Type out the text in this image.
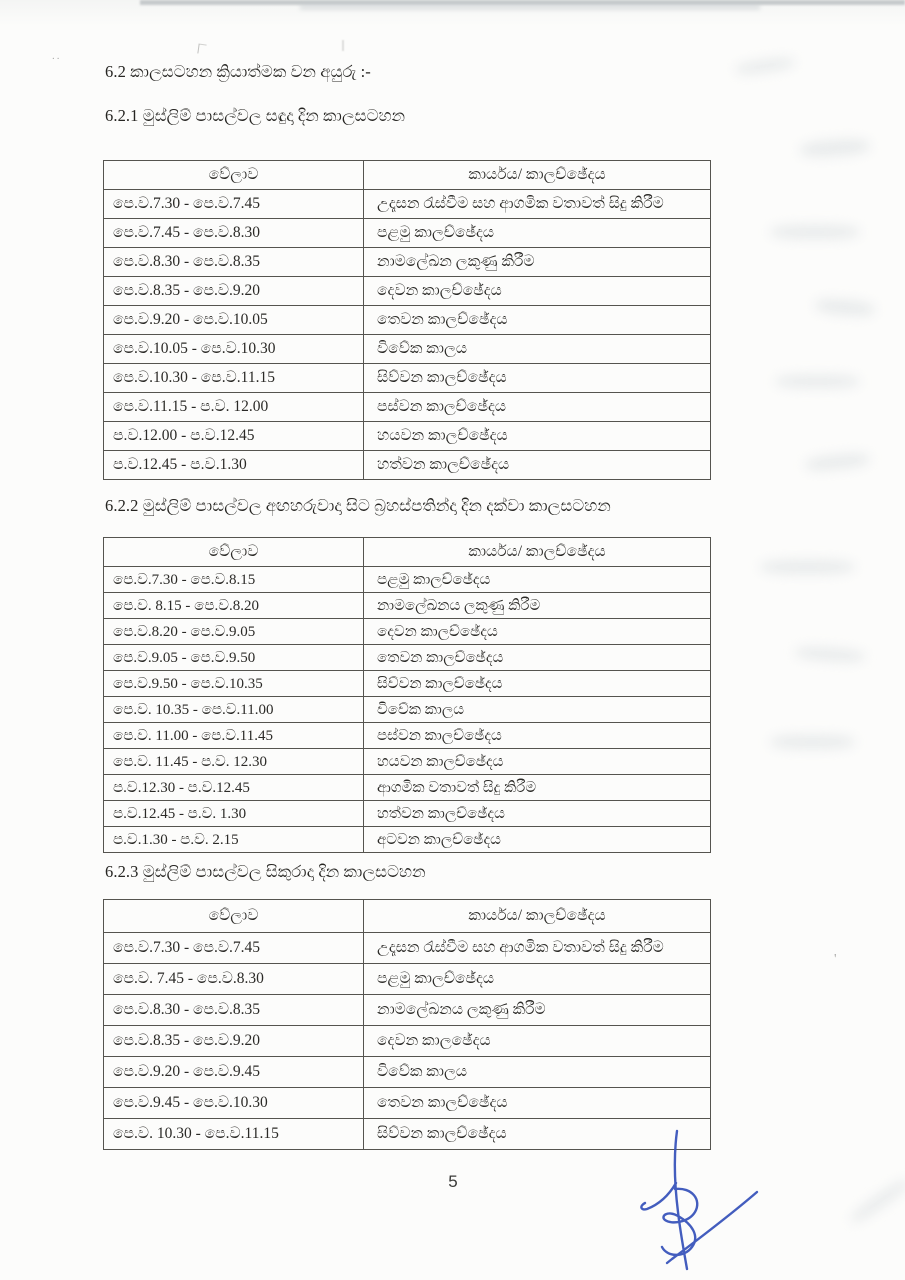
..
'
6.2 කාලසටහන ක්‍රියාත්මක වන අයුරු :-
6.2.1 මුස්ලිම් පාසල්වල සඳුදා දින කාලසටහන
වේලාව	කාර්යය/ කාලච්ඡේදය
පෙ.ව.7.30 - පෙ.ව.7.45	උදෑසන රැස්වීම සහ ආගමික වතාවත් සිදු කිරීම
පෙ.ව.7.45 - පෙ.ව.8.30	පළමු කාලච්ඡේදය
පෙ.ව.8.30 - පෙ.ව.8.35	නාමලේඛන ලකුණු කිරීම
පෙ.ව.8.35 - පෙ.ව.9.20	දෙවන කාලච්ඡේදය
පෙ.ව.9.20 - පෙ.ව.10.05	තෙවන කාලච්ඡේදය
පෙ.ව.10.05 - පෙ.ව.10.30	විවේක කාලය
පෙ.ව.10.30 - පෙ.ව.11.15	සිව්වන කාලච්ඡේදය
පෙ.ව.11.15 - ප.ව. 12.00	පස්වන කාලච්ඡේදය
ප.ව.12.00 - ප.ව.12.45	හයවන කාලච්ඡේදය
ප.ව.12.45 - ප.ව.1.30	හත්වන කාලච්ඡේදය
6.2.2 මුස්ලිම් පාසල්වල අඟහරුවාදා සිට බ්‍රහස්පතින්දා දින දක්වා කාලසටහන
වේලාව	කාර්යය/ කාලච්ඡේදය
පෙ.ව.7.30 - පෙ.ව.8.15	පළමු කාලච්ඡේදය
පෙ.ව. 8.15 - පෙ.ව.8.20	නාමලේඛනය ලකුණු කිරීම
පෙ.ව.8.20 - පෙ.ව.9.05	දෙවන කාලච්ඡේදය
පෙ.ව.9.05 - පෙ.ව.9.50	තෙවන කාලච්ඡේදය
පෙ.ව.9.50 - පෙ.ව.10.35	සිව්වන කාලච්ඡේදය
පෙ.ව. 10.35 - පෙ.ව.11.00	විවේක කාලය
පෙ.ව. 11.00 - පෙ.ව.11.45	පස්වන කාලච්ඡේදය
පෙ.ව. 11.45 - ප.ව. 12.30	හයවන කාලච්ඡේදය
ප.ව.12.30 - ප.ව.12.45	ආගමික වතාවත් සිදු කිරීම
ප.ව.12.45 - ප.ව. 1.30	හත්වන කාලච්ඡේදය
ප.ව.1.30 - ප.ව. 2.15	අටවන කාලච්ඡේදය
6.2.3 මුස්ලිම් පාසල්වල සිකුරාදා දින කාලසටහන
වේලාව	කාර්යය/ කාලච්ඡේදය
පෙ.ව.7.30 - පෙ.ව.7.45	උදෑසන රැස්වීම සහ ආගමික වතාවත් සිදු කිරීම
පෙ.ව. 7.45 - පෙ.ව.8.30	පළමු කාලච්ඡේදය
පෙ.ව.8.30 - පෙ.ව.8.35	නාමලේඛනය ලකුණු කිරීම
පෙ.ව.8.35 - පෙ.ව.9.20	දෙවන කාලඡේදය
පෙ.ව.9.20 - පෙ.ව.9.45	විවේක කාලය
පෙ.ව.9.45 - පෙ.ව.10.30	තෙවන කාලච්ඡේදය
පෙ.ව. 10.30 - පෙ.ව.11.15	සිව්වන කාලච්ඡේදය
5
